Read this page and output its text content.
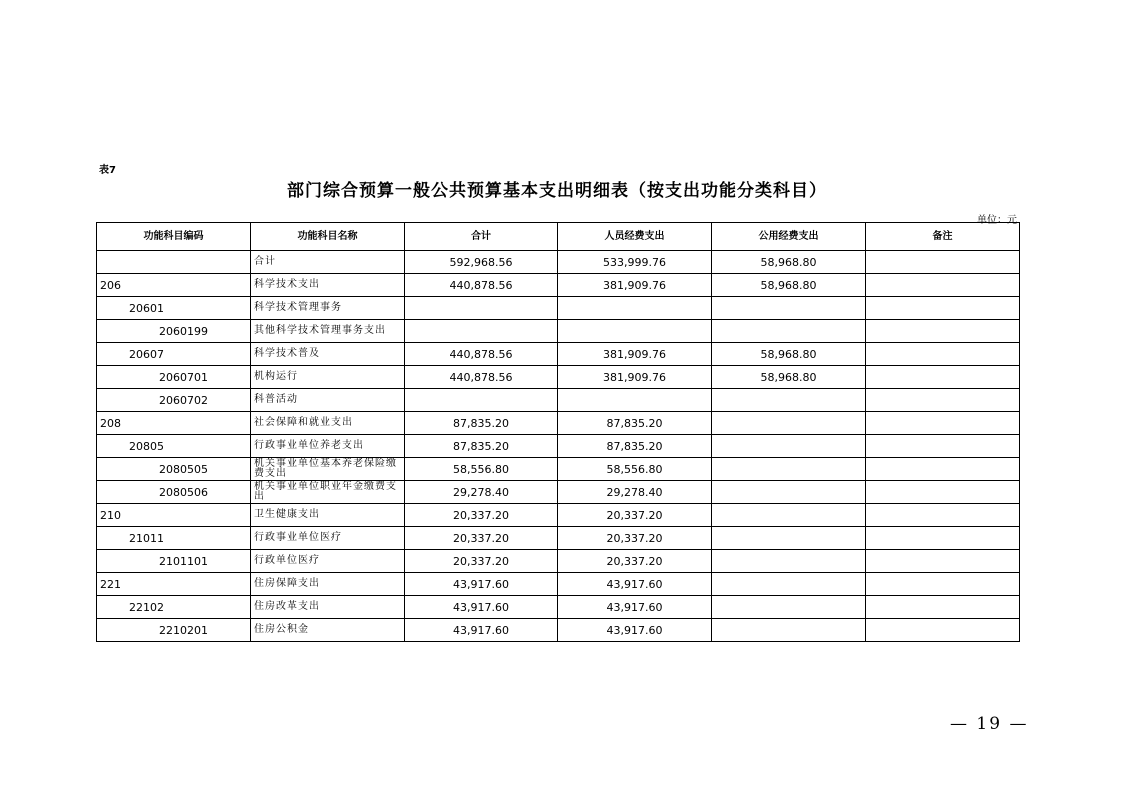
表7
部门综合预算一般公共预算基本支出明细表（按支出功能分类科目）
单位：元
功能科目编码	功能科目名称	合计	人员经费支出	公用经费支出	备注
	合计	592,968.56	533,999.76	58,968.80	
206	科学技术支出	440,878.56	381,909.76	58,968.80	
20601	科学技术管理事务				
2060199	其他科学技术管理事务支出				
20607	科学技术普及	440,878.56	381,909.76	58,968.80	
2060701	机构运行	440,878.56	381,909.76	58,968.80	
2060702	科普活动				
208	社会保障和就业支出	87,835.20	87,835.20		
20805	行政事业单位养老支出	87,835.20	87,835.20		
2080505	机关事业单位基本养老保险缴费支出	58,556.80	58,556.80		
2080506	机关事业单位职业年金缴费支出	29,278.40	29,278.40		
210	卫生健康支出	20,337.20	20,337.20		
21011	行政事业单位医疗	20,337.20	20,337.20		
2101101	行政单位医疗	20,337.20	20,337.20		
221	住房保障支出	43,917.60	43,917.60		
22102	住房改革支出	43,917.60	43,917.60		
2210201	住房公积金	43,917.60	43,917.60		
— 19 —
